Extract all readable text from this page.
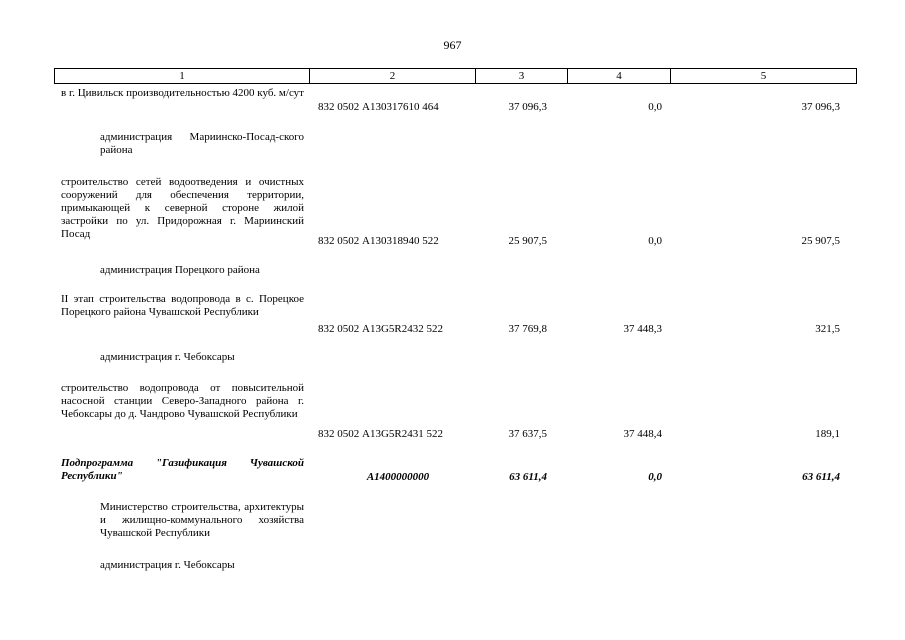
967
1	2	3	4	5
в г. Цивильск производительностью 4200 куб. м/сут
832 0502 А130317610 464	37 096,3	0,0	37 096,3
администрация Мариинско-Посад-ского района
строительство сетей водоотведения и очистных сооружений для обеспечения территории, примыкающей к северной стороне жилой застройки по ул. Придорожная г. Мариинский Посад
832 0502 А130318940 522	25 907,5	0,0	25 907,5
администрация Порецкого района
II этап строительства водопровода в с. Порецкое Порецкого района Чувашской Республики
832 0502 А13G5R2432 522	37 769,8	37 448,3	321,5
администрация г. Чебоксары
строительство водопровода от повысительной насосной станции Северо-Западного района г. Чебоксары до д. Чандрово Чувашской Республики
832 0502 А13G5R2431 522	37 637,5	37 448,4	189,1
Подпрограмма "Газификация Чувашской Республики"	А1400000000	63 611,4	0,0	63 611,4
Министерство строительства, архитектуры и жилищно-коммунального хозяйства Чувашской Республики
администрация г. Чебоксары
